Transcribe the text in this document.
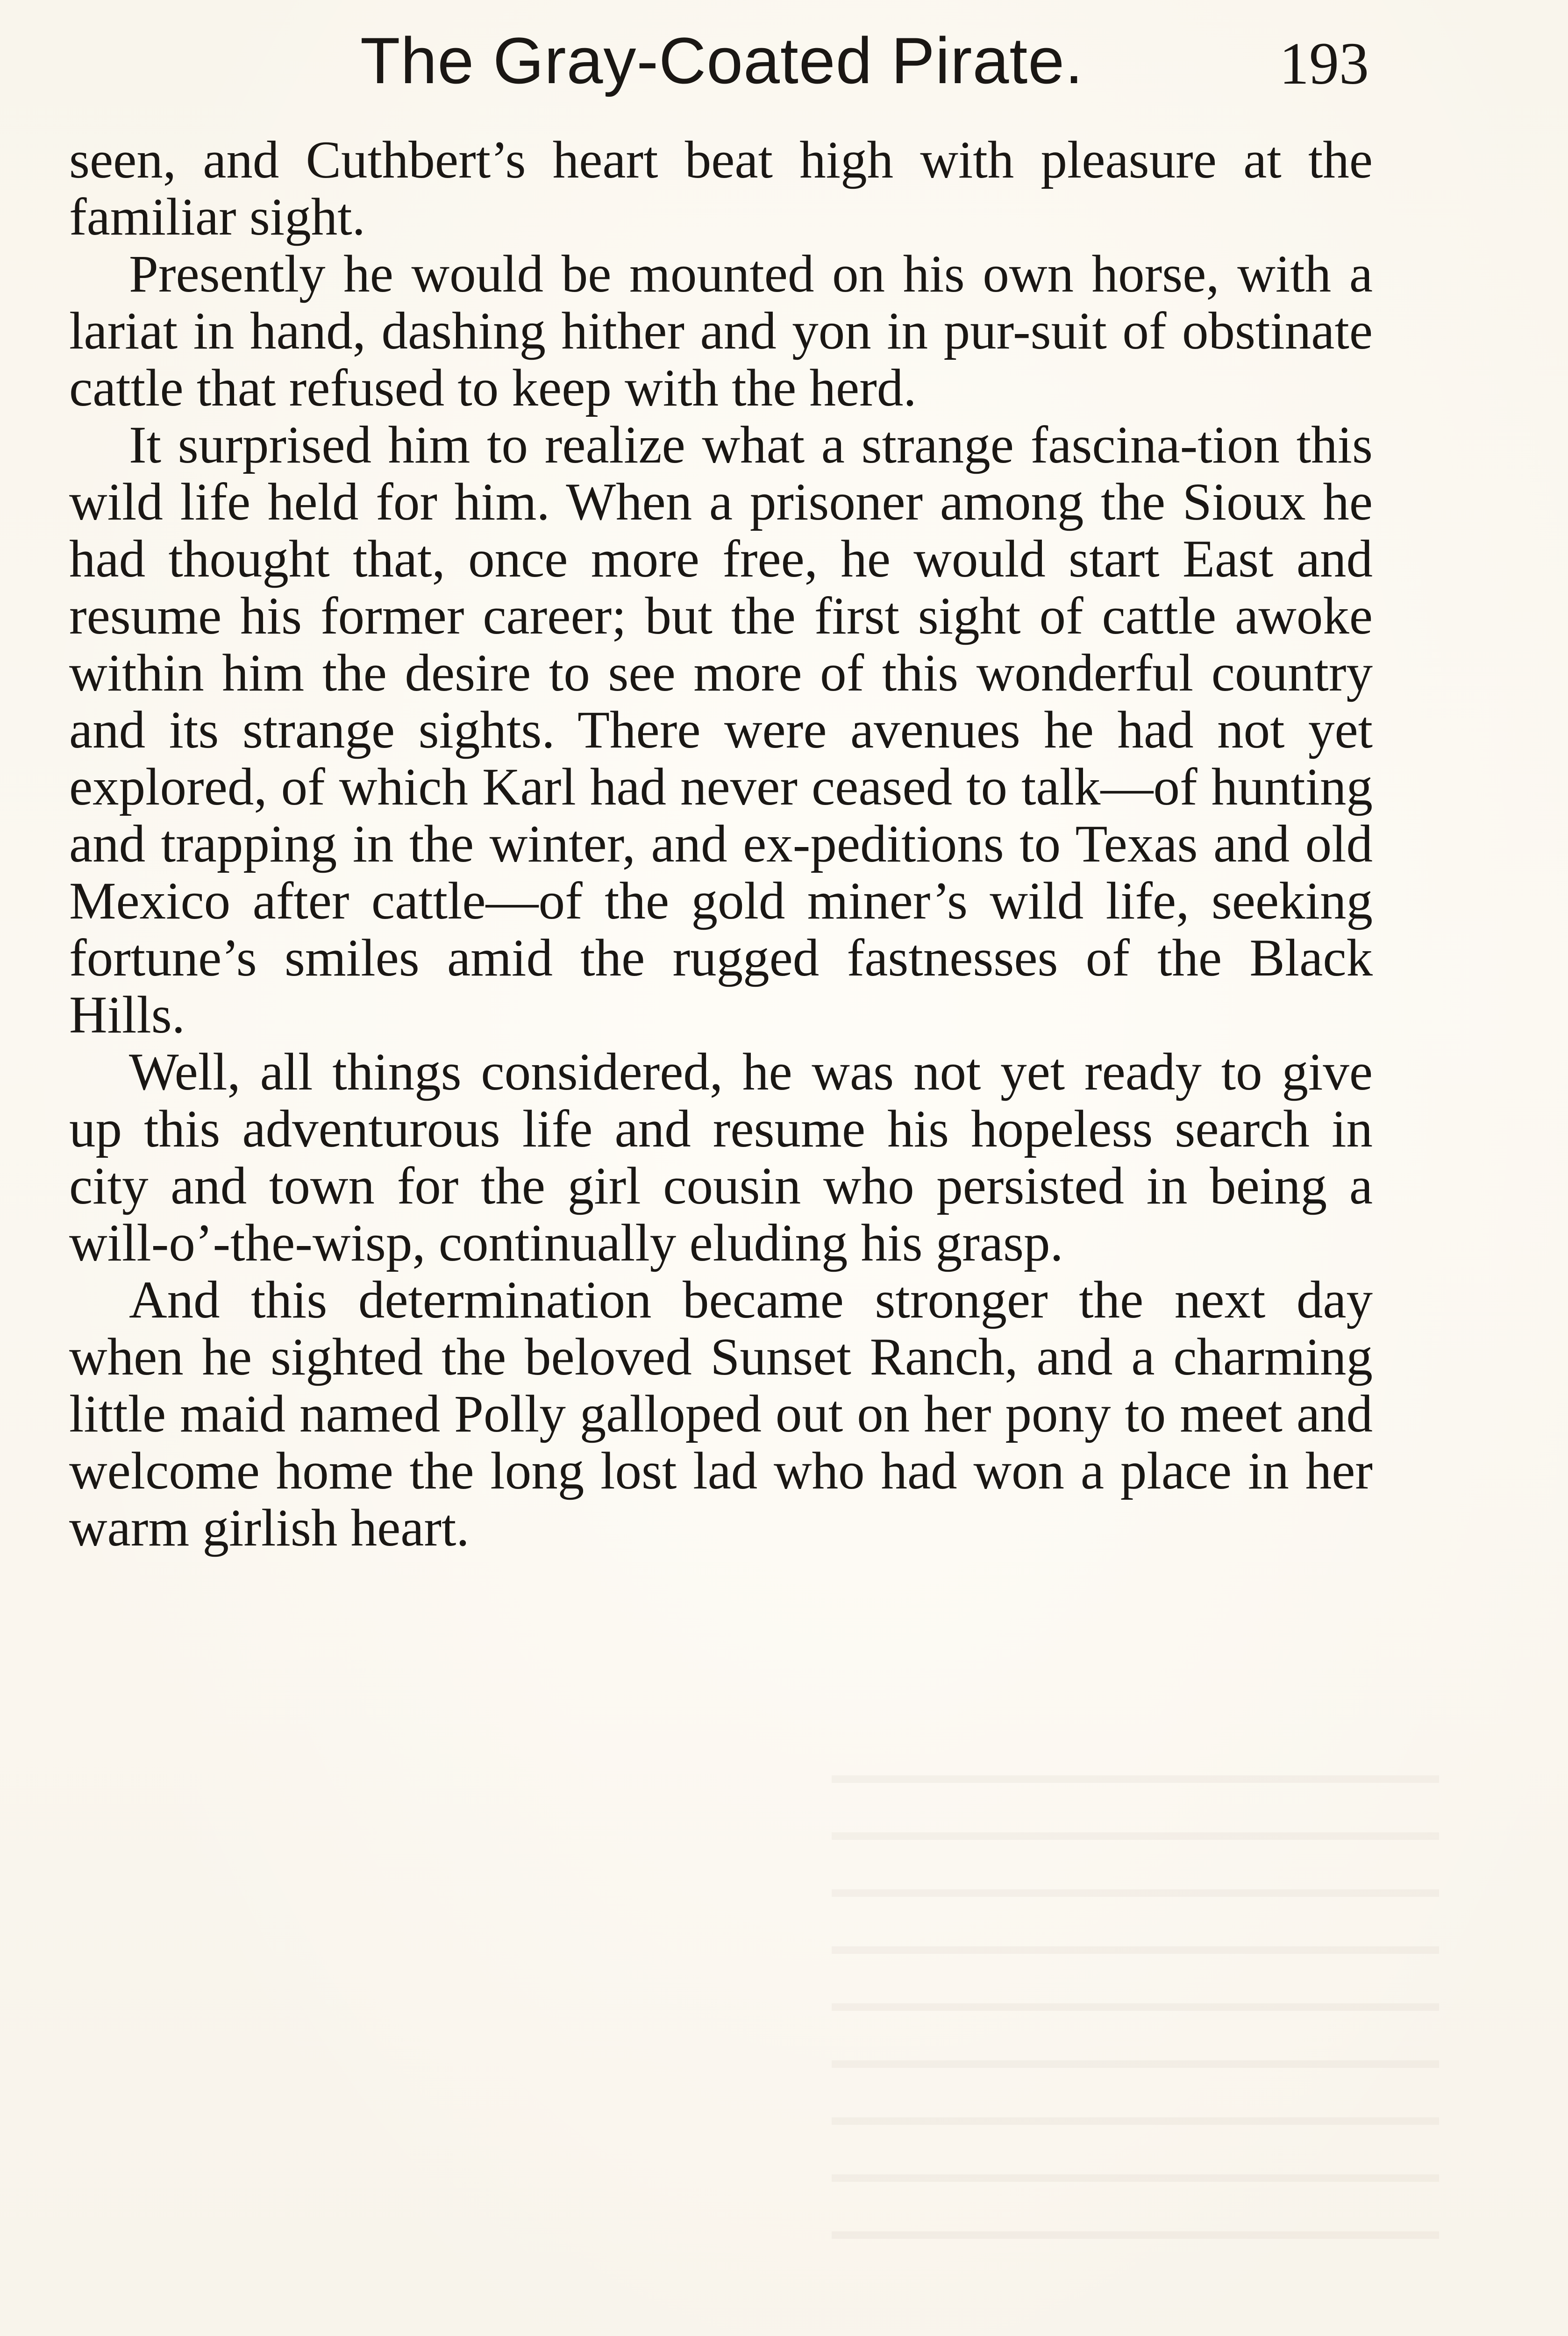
The Gray-Coated Pirate.	193

seen, and Cuthbert’s heart beat high with pleasure at the familiar sight.

Presently he would be mounted on his own horse, with a lariat in hand, dashing hither and yon in pur-suit of obstinate cattle that refused to keep with the herd.

It surprised him to realize what a strange fascina-tion this wild life held for him. When a prisoner among the Sioux he had thought that, once more free, he would start East and resume his former career; but the first sight of cattle awoke within him the desire to see more of this wonderful country and its strange sights. There were avenues he had not yet explored, of which Karl had never ceased to talk—of hunting and trapping in the winter, and ex-peditions to Texas and old Mexico after cattle—of the gold miner’s wild life, seeking fortune’s smiles amid the rugged fastnesses of the Black Hills.

Well, all things considered, he was not yet ready to give up this adventurous life and resume his hopeless search in city and town for the girl cousin who persisted in being a will-o’-the-wisp, continually eluding his grasp.

And this determination became stronger the next day when he sighted the beloved Sunset Ranch, and a charming little maid named Polly galloped out on her pony to meet and welcome home the long lost lad who had won a place in her warm girlish heart.
